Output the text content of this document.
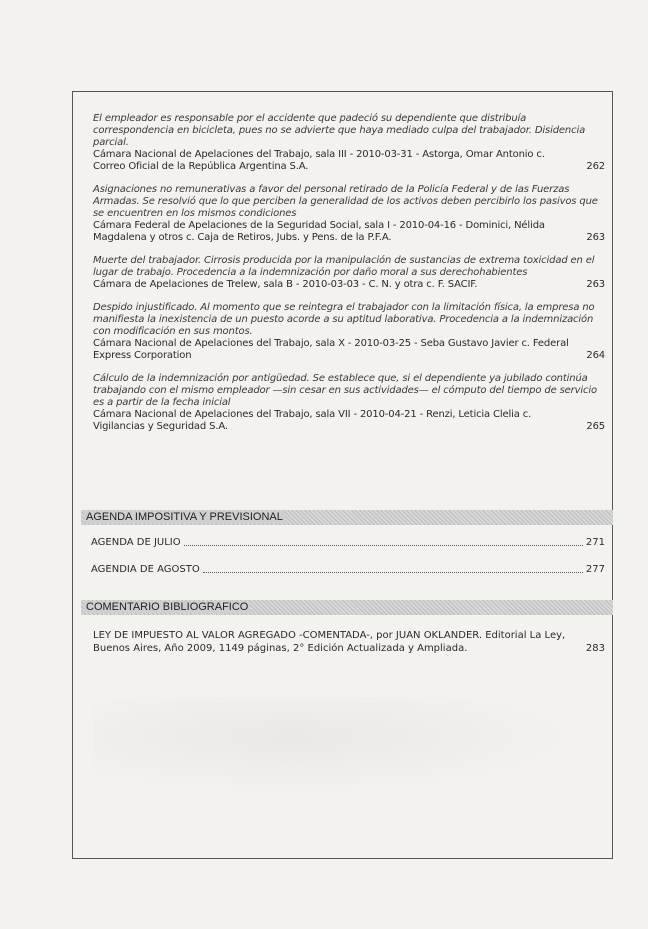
El empleador es responsable por el accidente que padeció su dependiente que distribuía correspondencia en bicicleta, pues no se advierte que haya mediado culpa del trabajador. Disidencia parcial.
Cámara Nacional de Apelaciones del Trabajo, sala III - 2010-03-31 - Astorga, Omar Antonio c. Correo Oficial de la República Argentina S.A.	262
Asignaciones no remunerativas a favor del personal retirado de la Policía Federal y de las Fuerzas Armadas. Se resolvió que lo que perciben la generalidad de los activos deben percibirlo los pasivos que se encuentren en los mismos condiciones
Cámara Federal de Apelaciones de la Seguridad Social, sala I - 2010-04-16 - Dominici, Nélida Magdalena y otros c. Caja de Retiros, Jubs. y Pens. de la P.F.A.	263
Muerte del trabajador. Cirrosis producida por la manipulación de sustancias de extrema toxicidad en el lugar de trabajo. Procedencia a la indemnización por daño moral a sus derechohabientes
Cámara de Apelaciones de Trelew, sala B - 2010-03-03 - C. N. y otra c. F. SACIF.	263
Despido injustificado. Al momento que se reintegra el trabajador con la limitación física, la empresa no manifiesta la inexistencia de un puesto acorde a su aptitud laborativa. Procedencia a la indemnización con modificación en sus montos.
Cámara Nacional de Apelaciones del Trabajo, sala X - 2010-03-25 - Seba Gustavo Javier c. Federal Express Corporation	264
Cálculo de la indemnización por antigüedad. Se establece que, si el dependiente ya jubilado continúa trabajando con el mismo empleador —sin cesar en sus actividades— el cómputo del tiempo de servicio es a partir de la fecha inicial
Cámara Nacional de Apelaciones del Trabajo, sala VII - 2010-04-21 - Renzi, Leticia Clelia c. Vigilancias y Seguridad S.A.	265
AGENDA IMPOSITIVA Y PREVISIONAL
AGENDA DE JULIO	271
AGENDIA DE AGOSTO	277
COMENTARIO BIBLIOGRAFICO
LEY DE IMPUESTO AL VALOR AGREGADO -COMENTADA-, por JUAN OKLANDER. Editorial La Ley, Buenos Aires, Año 2009, 1149 páginas, 2° Edición Actualizada y Ampliada.	283
